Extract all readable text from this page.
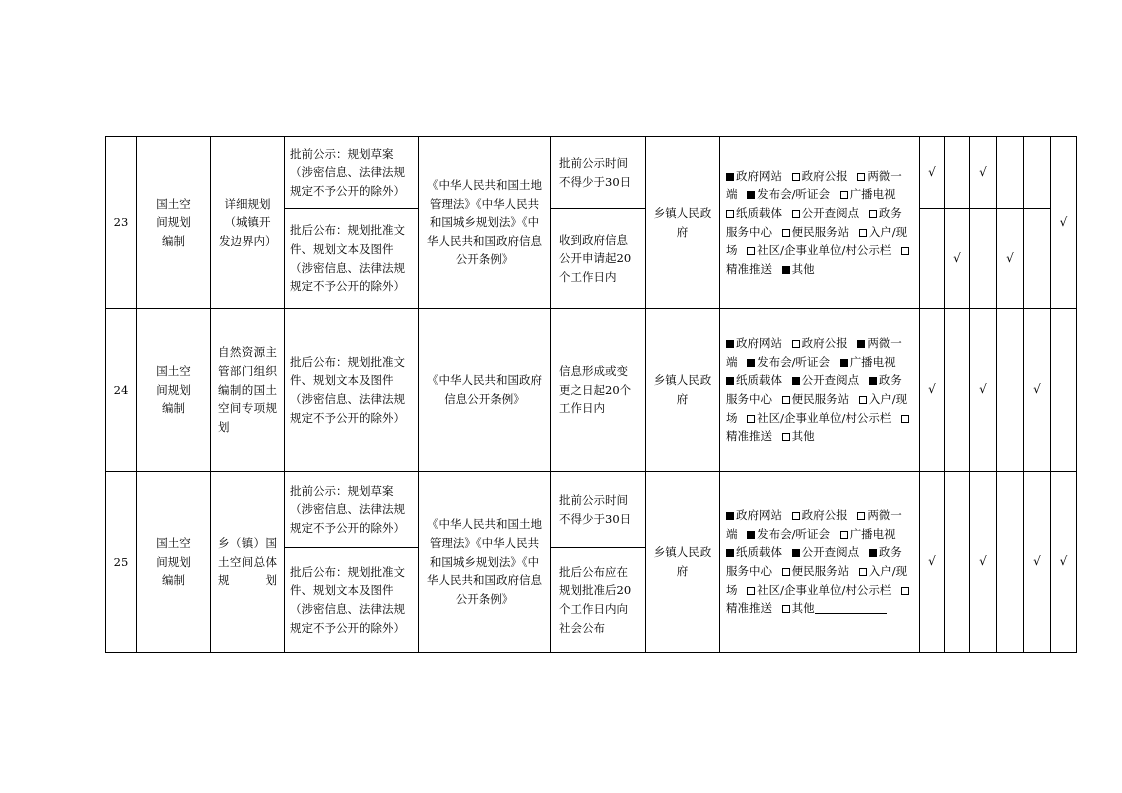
23	国土空间规划编制	详细规划（城镇开发边界内）	批前公示：规划草案（涉密信息、法律法规规定不予公开的除外）	《中华人民共和国土地管理法》《中华人民共和国城乡规划法》《中华人民共和国政府信息公开条例》	批前公示时间不得少于30日	乡镇人民政府	政府网站 政府公报 两微一端 发布会/听证会 广播电视 纸质载体 公开查阅点 政务服务中心 便民服务站 入户/现场 社区/企事业单位/村公示栏 精准推送 其他	√		√			√
			批后公布：规划批准文件、规划文本及图件（涉密信息、法律法规规定不予公开的除外）		收到政府信息公开申请起20个工作日内				√		√		
24	国土空间规划编制	自然资源主管部门组织编制的国土空间专项规划	批后公布：规划批准文件、规划文本及图件（涉密信息、法律法规规定不予公开的除外）	《中华人民共和国政府信息公开条例》	信息形成或变更之日起20个工作日内	乡镇人民政府	政府网站 政府公报 两微一端 发布会/听证会 广播电视 纸质载体 公开查阅点 政务服务中心 便民服务站 入户/现场 社区/企事业单位/村公示栏 精准推送 其他	√		√		√	
25	国土空间规划编制	乡（镇）国土空间总体规划	批前公示：规划草案（涉密信息、法律法规规定不予公开的除外）	《中华人民共和国土地管理法》《中华人民共和国城乡规划法》《中华人民共和国政府信息公开条例》	批前公示时间不得少于30日	乡镇人民政府	政府网站 政府公报 两微一端 发布会/听证会 广播电视 纸质载体 公开查阅点 政务服务中心 便民服务站 入户/现场 社区/企事业单位/村公示栏 精准推送 其他	√		√		√	√
			批后公布：规划批准文件、规划文本及图件（涉密信息、法律法规规定不予公开的除外）		批后公布应在规划批准后20个工作日内向社会公布								
